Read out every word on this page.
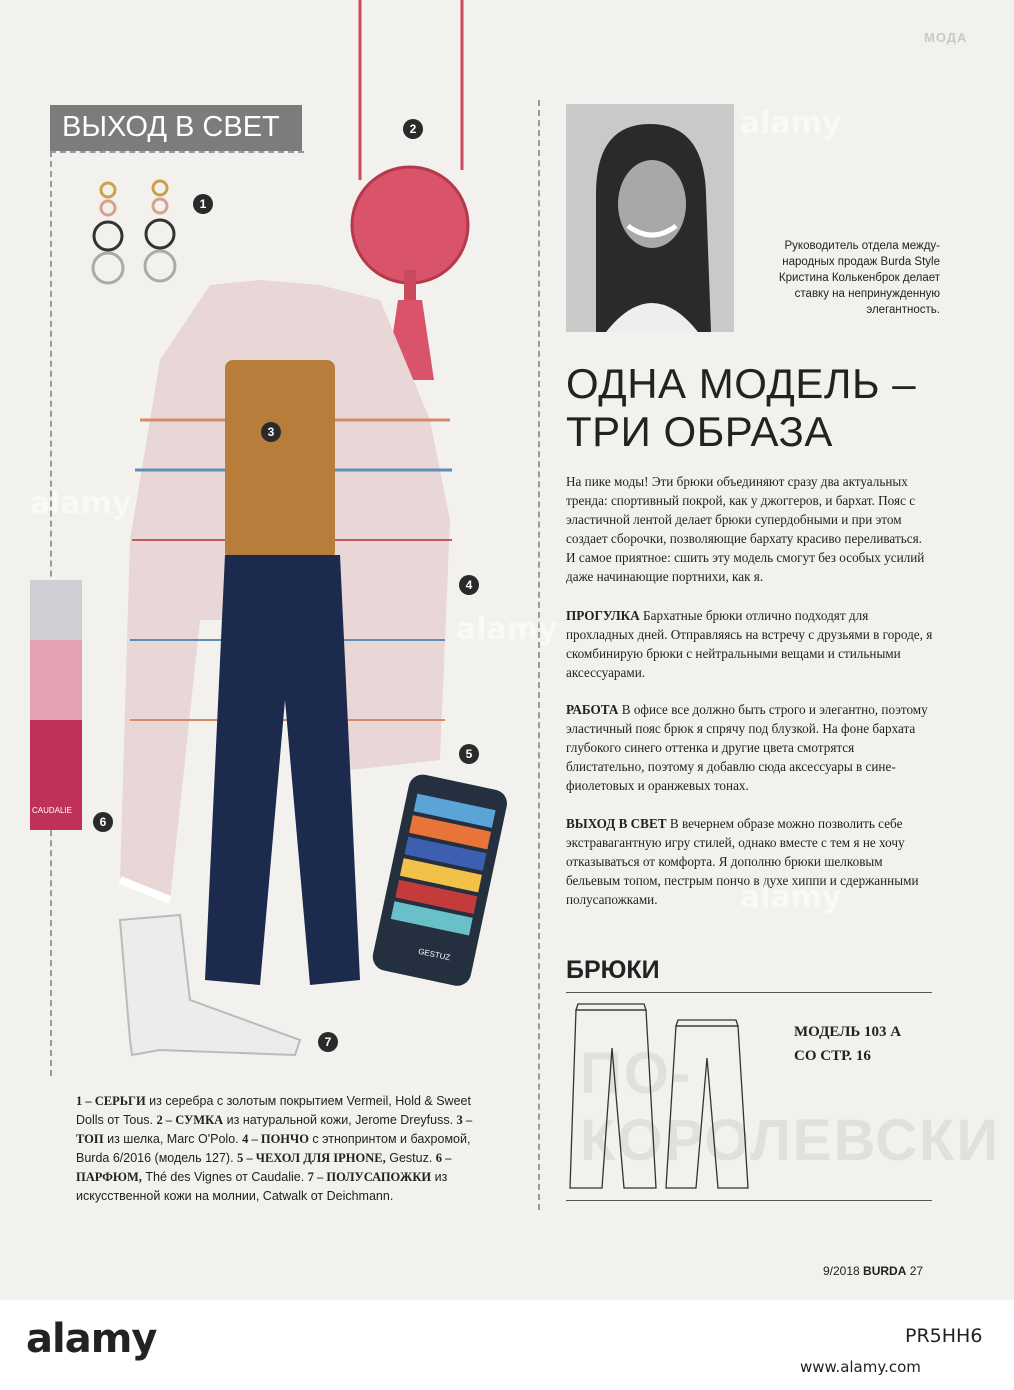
МОДА
ВЫХОД В СВЕТ
CAUDALIE
GESTUZ
1
2
3
4
5
6
7
Руководитель отдела между-
народных продаж Burda Style
Кристина Колькенброк делает
ставку на непринужденную
элегантность.
ОДНА МОДЕЛЬ –
ТРИ ОБРАЗА
На пике моды! Эти брюки объединяют сразу два актуальных тренда: спортивный покрой, как у джоггеров, и бархат. Пояс с эластичной лентой делает брюки супердобными и при этом создает сборочки, позволяющие бархату красиво переливаться. И самое приятное: сшить эту модель смогут без особых усилий даже начинающие портнихи, как я.
ПРОГУЛКА Бархатные брюки отлично подходят для прохладных дней. Отправляясь на встречу с друзьями в городе, я скомбинирую брюки с нейтральными вещами и стильными аксессуарами.
РАБОТА В офисе все должно быть строго и элегантно, поэтому эластичный пояс брюк я спрячу под блузкой. На фоне бархата глубокого синего оттенка и другие цвета смотрятся блистательно, поэтому я добавлю сюда аксессуары в сине-фиолетовых и оранжевых тонах.
ВЫХОД В СВЕТ В вечернем образе можно позволить себе экстравагантную игру стилей, однако вместе с тем я не хочу отказываться от комфорта. Я дополню брюки шелковым бельевым топом, пестрым пончо в духе хиппи и сдержанными полусапожками.
ПО-КОРОЛЕВСКИ
БРЮКИ
МОДЕЛЬ 103 А
СО СТР. 16
1 – СЕРЬГИ из серебра с золотым покрытием Vermeil, Hold & Sweet Dolls от Tous. 2 – СУМКА из натуральной кожи, Jerome Dreyfuss. 3 – ТОП из шелка, Marc O'Polo. 4 – ПОНЧО с этнопринтом и бахромой, Burda 6/2016 (модель 127). 5 – ЧЕХОЛ ДЛЯ IPHONE, Gestuz. 6 – ПАРФЮМ, Thé des Vignes от Caudalie. 7 – ПОЛУСАПОЖКИ из искусственной кожи на молнии, Catwalk от Deichmann.
9/2018 BURDA 27
alamy
alamy
alamy
alamy
alamy	PR5HH6
www.alamy.com
